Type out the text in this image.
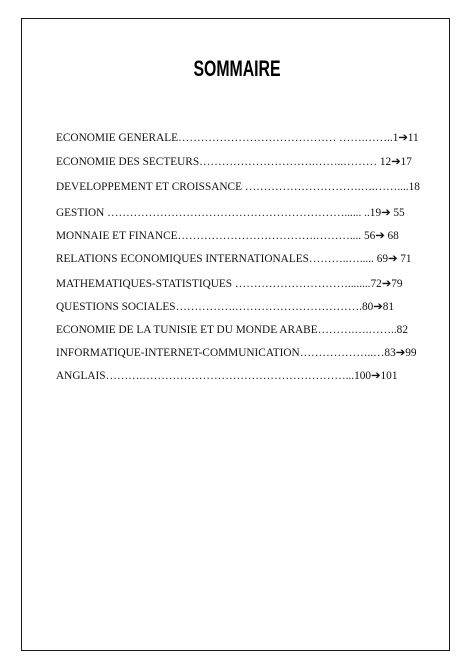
SOMMAIRE
ECONOMIE GENERALE…………………………………… …….……..1➔11
ECONOMIE DES SECTEURS………………………….……..……… 12➔17
DEVELOPPEMENT ET CROISSANCE ………………………….….……....18
GESTION ………………………………………………………...... ..19➔ 55
MONNAIE ET FINANCE……………………………….……….... 56➔ 68
RELATIONS ECONOMIQUES INTERNATIONALES………..…..... 69➔ 71
MATHEMATIQUES-STATISTIQUES …………………………........72➔79
QUESTIONS SOCIALES…………….…………………………….80➔81
ECONOMIE DE LA TUNISIE ET DU MONDE ARABE……….….……..82
INFORMATIQUE-INTERNET-COMMUNICATION………………..…83➔99
ANGLAIS……….………………………………………………...100➔101
